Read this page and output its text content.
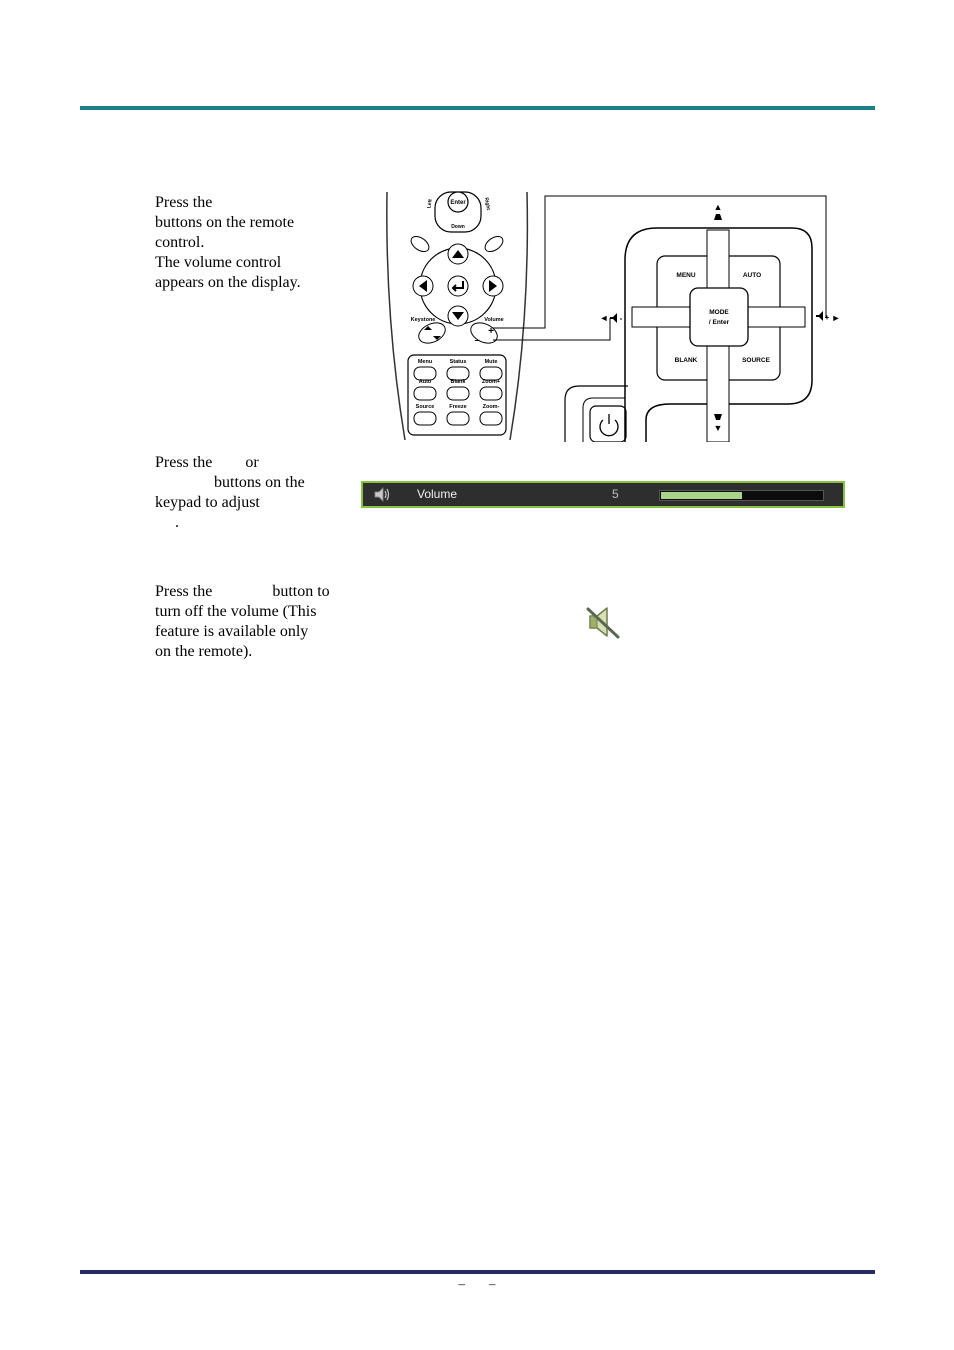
Press the
buttons on the remote
control.
The volume control
appears on the display.
Press the or
buttons on the
keypad to adjust
.
Press the	button to
turn off the volume (This
feature is available only
on the remote).
Enter
Left	Right
Down
Keystone	Volume
+
–
Menu	Status	Mute
Auto	Blank	Zoom+
Source	Freeze	Zoom-
MODE
/ Enter
MENU	AUTO
BLANK	SOURCE
▲
▼
◄ -	+ ►
Volume	5
– –
